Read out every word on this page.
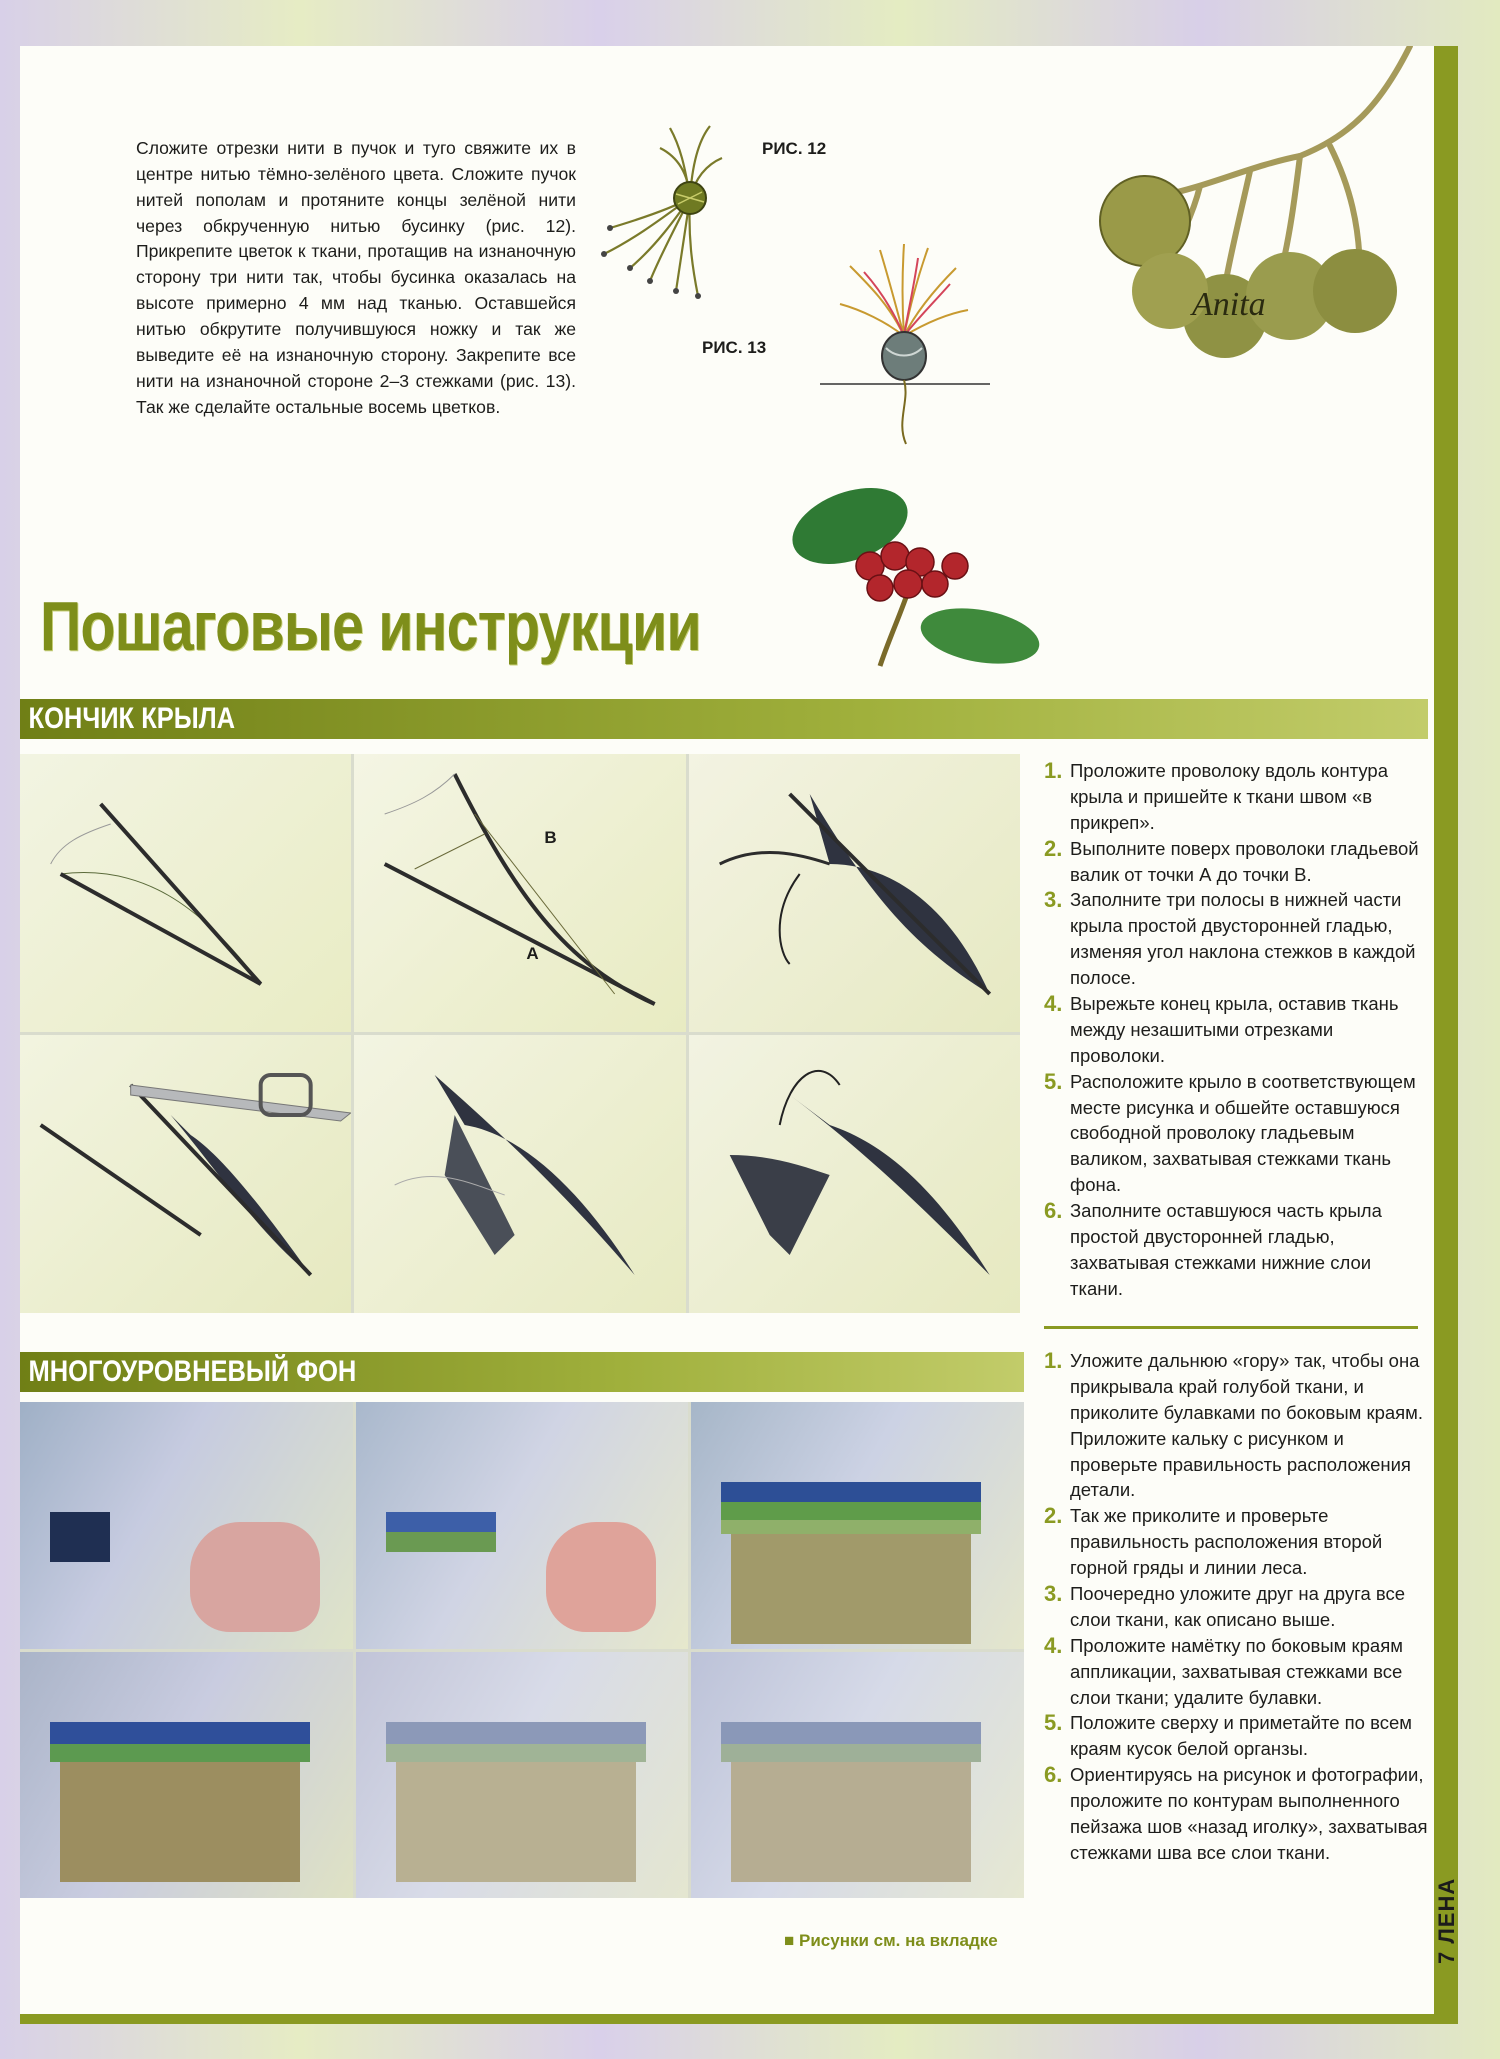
Сложите отрезки нити в пучок и туго свяжите их в центре нитью тёмно-зелёного цвета. Сложите пучок нитей пополам и протяните концы зелёной нити через обкрученную нитью бусинку (рис. 12). Прикрепите цветок к ткани, протащив на изнаночную сторону три нити так, чтобы бусинка оказалась на высоте примерно 4 мм над тканью. Оставшейся нитью обкрутите получившуюся ножку и так же выведите её на изнаночную сторону. Закрепите все нити на изнаночной стороне 2–3 стежками (рис. 13). Так же сделайте остальные восемь цветков.
РИС. 12
РИС. 13
Anita
Пошаговые инструкции
КОНЧИК КРЫЛА
В
А
1. Проложите проволоку вдоль контура крыла и пришейте к ткани швом «в прикреп».
2. Выполните поверх проволоки гладьевой валик от точки А до точки В.
3. Заполните три полосы в нижней части крыла простой двусторонней гладью, изменяя угол наклона стежков в каждой полосе.
4. Вырежьте конец крыла, оставив ткань между незашитыми отрезками проволоки.
5. Расположите крыло в соответствующем месте рисунка и обшейте оставшуюся свободной проволоку гладьевым валиком, захватывая стежками ткань фона.
6. Заполните оставшуюся часть крыла простой двусторонней гладью, захватывая стежками нижние слои ткани.
МНОГОУРОВНЕВЫЙ ФОН	1. Уложите дальнюю «гору» так, чтобы она прикрывала край голубой ткани, и приколите булавками по боковым краям. Приложите кальку с рисунком и проверьте правильность расположения детали.
2. Так же приколите и проверьте правильность расположения второй горной гряды и линии леса.
3. Поочередно уложите друг на друга все слои ткани, как описано выше.
4. Проложите намётку по боковым краям аппликации, захватывая стежками все слои ткани; удалите булавки.
5. Положите сверху и приметайте по всем краям кусок белой органзы.
6. Ориентируясь на рисунок и фотографии, проложите по контурам выполненного пейзажа шов «назад иголку», захватывая стежками шва все слои ткани.
■ Рисунки см. на вкладке	7 ЛЕНА
